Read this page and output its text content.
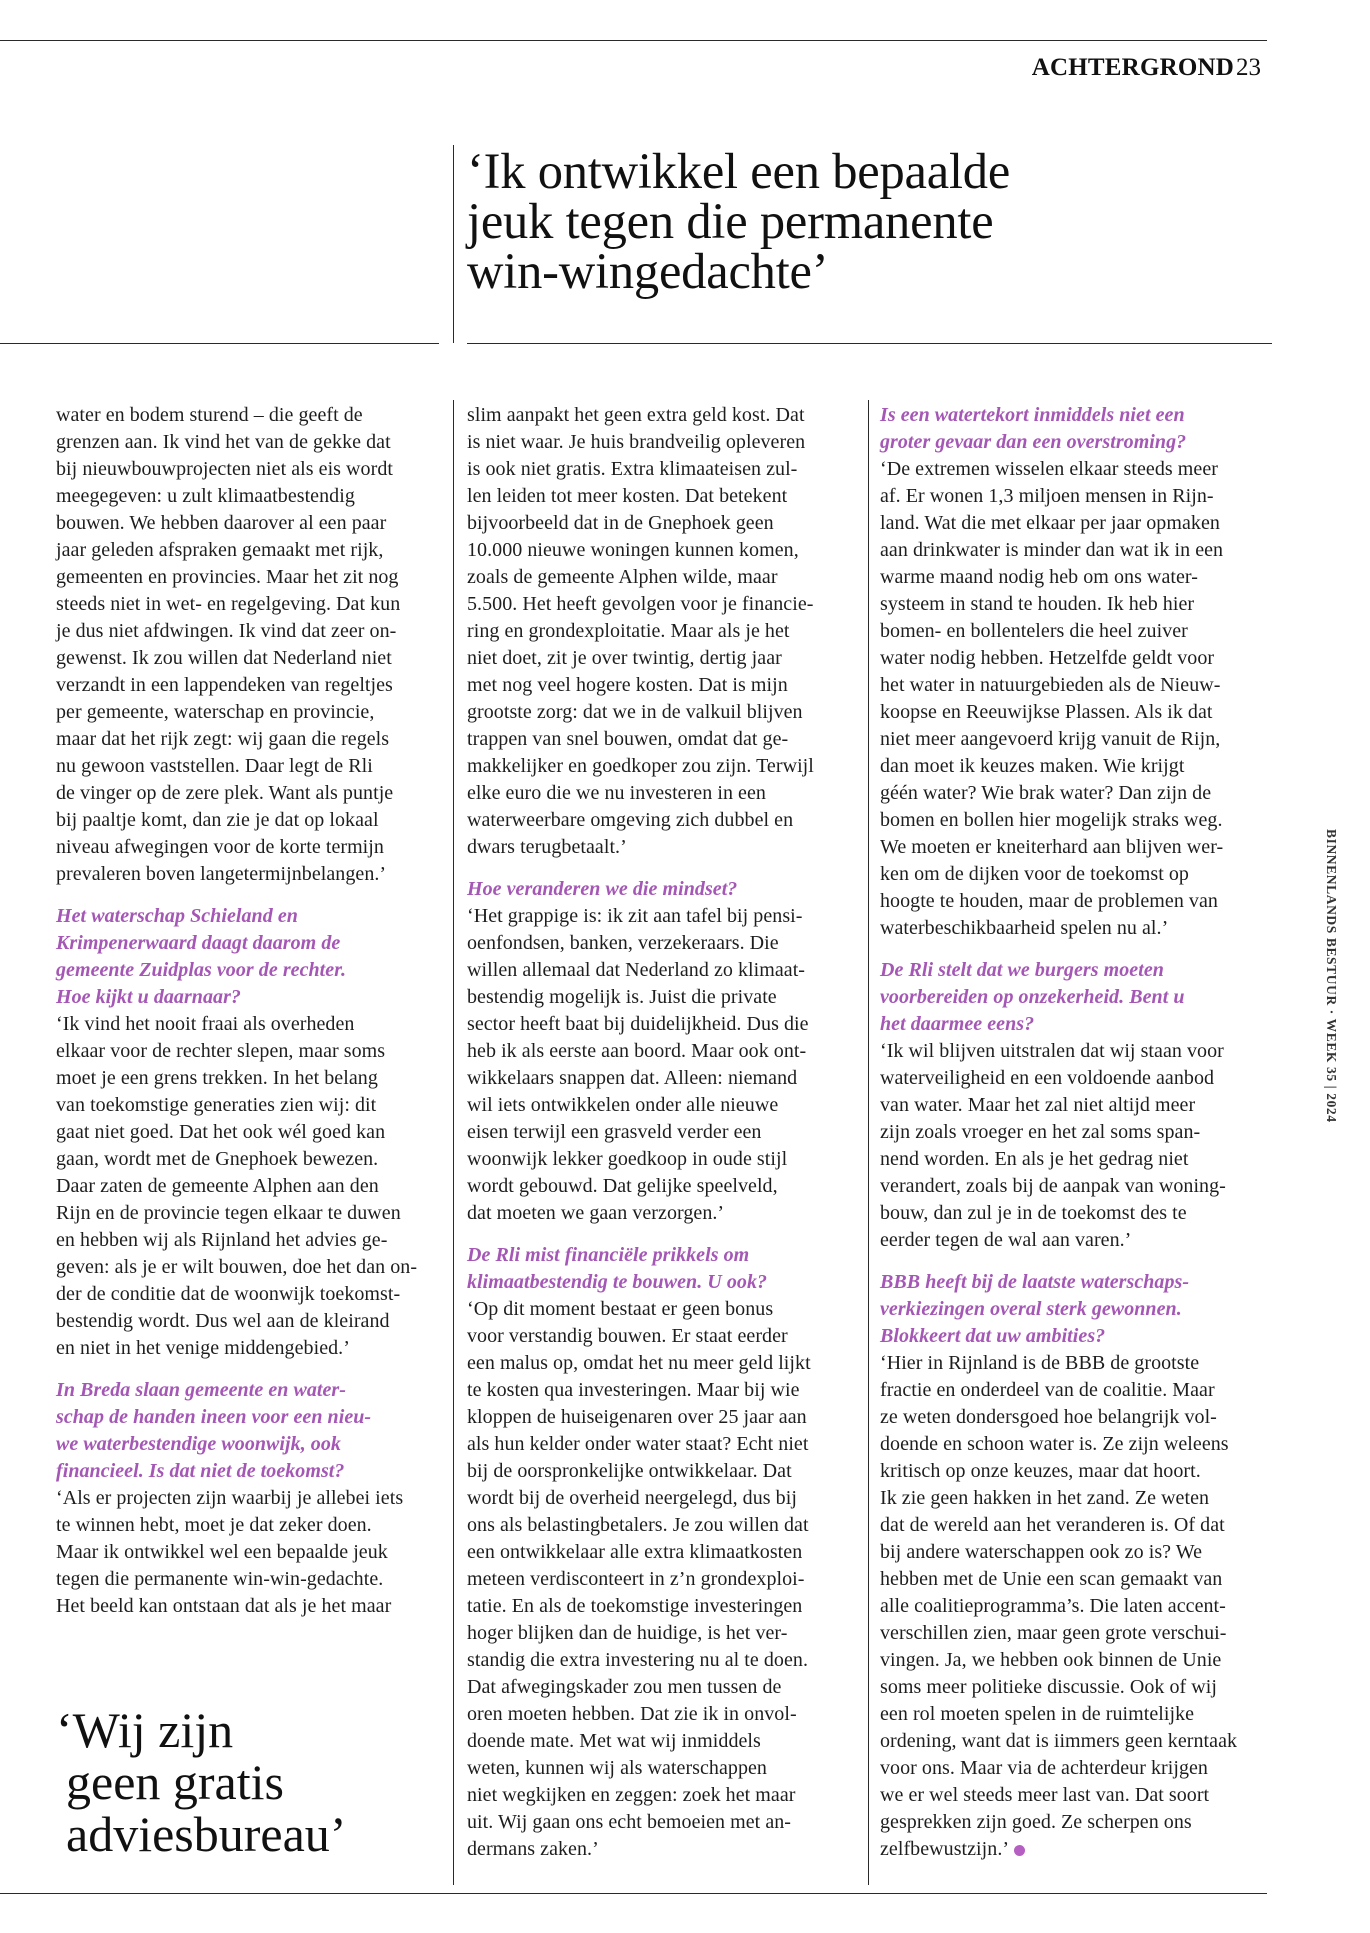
ACHTERGROND23
‘Ik ontwikkel een bepaalde
jeuk tegen die permanente
win-wingedachte’
water en bodem sturend – die geeft de
grenzen aan. Ik vind het van de gekke dat
bij nieuwbouwprojecten niet als eis wordt
meegegeven: u zult klimaatbestendig
bouwen. We hebben daarover al een paar
jaar geleden afspraken gemaakt met rijk,
gemeenten en provincies. Maar het zit nog
steeds niet in wet- en regelgeving. Dat kun
je dus niet afdwingen. Ik vind dat zeer on-
gewenst. Ik zou willen dat Nederland niet
verzandt in een lappendeken van regeltjes
per gemeente, waterschap en provincie,
maar dat het rijk zegt: wij gaan die regels
nu gewoon vaststellen. Daar legt de Rli
de vinger op de zere plek. Want als puntje
bij paaltje komt, dan zie je dat op lokaal
niveau afwegingen voor de korte termijn
prevaleren boven langetermijnbelangen.’
Het waterschap Schieland en
Krimpenerwaard daagt daarom de
gemeente Zuidplas voor de rechter.
Hoe kijkt u daarnaar?
‘Ik vind het nooit fraai als overheden
elkaar voor de rechter slepen, maar soms
moet je een grens trekken. In het belang
van toekomstige generaties zien wij: dit
gaat niet goed. Dat het ook wél goed kan
gaan, wordt met de Gnephoek bewezen.
Daar zaten de gemeente Alphen aan den
Rijn en de provincie tegen elkaar te duwen
en hebben wij als Rijnland het advies ge-
geven: als je er wilt bouwen, doe het dan on-
der de conditie dat de woonwijk toekomst-
bestendig wordt. Dus wel aan de kleirand
en niet in het venige middengebied.’
In Breda slaan gemeente en water-
schap de handen ineen voor een nieu-
we waterbestendige woonwijk, ook
financieel. Is dat niet de toekomst?
‘Als er projecten zijn waarbij je allebei iets
te winnen hebt, moet je dat zeker doen.
Maar ik ontwikkel wel een bepaalde jeuk
tegen die permanente win-win-gedachte.
Het beeld kan ontstaan dat als je het maar
slim aanpakt het geen extra geld kost. Dat
is niet waar. Je huis brandveilig opleveren
is ook niet gratis. Extra klimaateisen zul-
len leiden tot meer kosten. Dat betekent
bijvoorbeeld dat in de Gnephoek geen
10.000 nieuwe woningen kunnen komen,
zoals de gemeente Alphen wilde, maar
5.500. Het heeft gevolgen voor je financie-
ring en grondexploitatie. Maar als je het
niet doet, zit je over twintig, dertig jaar
met nog veel hogere kosten. Dat is mijn
grootste zorg: dat we in de valkuil blijven
trappen van snel bouwen, omdat dat ge-
makkelijker en goedkoper zou zijn. Terwijl
elke euro die we nu investeren in een
waterweerbare omgeving zich dubbel en
dwars terugbetaalt.’
Hoe veranderen we die mindset?
‘Het grappige is: ik zit aan tafel bij pensi-
oenfondsen, banken, verzekeraars. Die
willen allemaal dat Nederland zo klimaat-
bestendig mogelijk is. Juist die private
sector heeft baat bij duidelijkheid. Dus die
heb ik als eerste aan boord. Maar ook ont-
wikkelaars snappen dat. Alleen: niemand
wil iets ontwikkelen onder alle nieuwe
eisen terwijl een grasveld verder een
woonwijk lekker goedkoop in oude stijl
wordt gebouwd. Dat gelijke speelveld,
dat moeten we gaan verzorgen.’
De Rli mist financiële prikkels om
klimaatbestendig te bouwen. U ook?
‘Op dit moment bestaat er geen bonus
voor verstandig bouwen. Er staat eerder
een malus op, omdat het nu meer geld lijkt
te kosten qua investeringen. Maar bij wie
kloppen de huiseigenaren over 25 jaar aan
als hun kelder onder water staat? Echt niet
bij de oorspronkelijke ontwikkelaar. Dat
wordt bij de overheid neergelegd, dus bij
ons als belastingbetalers. Je zou willen dat
een ontwikkelaar alle extra klimaatkosten
meteen verdisconteert in z’n grondexploi-
tatie. En als de toekomstige investeringen
hoger blijken dan de huidige, is het ver-
standig die extra investering nu al te doen.
Dat afwegingskader zou men tussen de
oren moeten hebben. Dat zie ik in onvol-
doende mate. Met wat wij inmiddels
weten, kunnen wij als waterschappen
niet wegkijken en zeggen: zoek het maar
uit. Wij gaan ons echt bemoeien met an-
dermans zaken.’
Is een watertekort inmiddels niet een
groter gevaar dan een overstroming?
‘De extremen wisselen elkaar steeds meer
af. Er wonen 1,3 miljoen mensen in Rijn-
land. Wat die met elkaar per jaar opmaken
aan drinkwater is minder dan wat ik in een
warme maand nodig heb om ons water-
systeem in stand te houden. Ik heb hier
bomen- en bollentelers die heel zuiver
water nodig hebben. Hetzelfde geldt voor
het water in natuurgebieden als de Nieuw-
koopse en Reeuwijkse Plassen. Als ik dat
niet meer aangevoerd krijg vanuit de Rijn,
dan moet ik keuzes maken. Wie krijgt
géén water? Wie brak water? Dan zijn de
bomen en bollen hier mogelijk straks weg.
We moeten er kneiterhard aan blijven wer-
ken om de dijken voor de toekomst op
hoogte te houden, maar de problemen van
waterbeschikbaarheid spelen nu al.’
De Rli stelt dat we burgers moeten
voorbereiden op onzekerheid. Bent u
het daarmee eens?
‘Ik wil blijven uitstralen dat wij staan voor
waterveiligheid en een voldoende aanbod
van water. Maar het zal niet altijd meer
zijn zoals vroeger en het zal soms span-
nend worden. En als je het gedrag niet
verandert, zoals bij de aanpak van woning-
bouw, dan zul je in de toekomst des te
eerder tegen de wal aan varen.’
BBB heeft bij de laatste waterschaps-
verkiezingen overal sterk gewonnen.
Blokkeert dat uw ambities?
‘Hier in Rijnland is de BBB de grootste
fractie en onderdeel van de coalitie. Maar
ze weten dondersgoed hoe belangrijk vol-
doende en schoon water is. Ze zijn weleens
kritisch op onze keuzes, maar dat hoort.
Ik zie geen hakken in het zand. Ze weten
dat de wereld aan het veranderen is. Of dat
bij andere waterschappen ook zo is? We
hebben met de Unie een scan gemaakt van
alle coalitieprogramma’s. Die laten accent-
verschillen zien, maar geen grote verschui-
vingen. Ja, we hebben ook binnen de Unie
soms meer politieke discussie. Ook of wij
een rol moeten spelen in de ruimtelijke
ordening, want dat is iimmers geen kerntaak
voor ons. Maar via de achterdeur krijgen
we er wel steeds meer last van. Dat soort
gesprekken zijn goed. Ze scherpen ons
zelfbewustzijn.’
‘Wij zijn
geen gratis
adviesbureau’
BINNENLANDS BESTUUR · WEEK 35 | 2024
